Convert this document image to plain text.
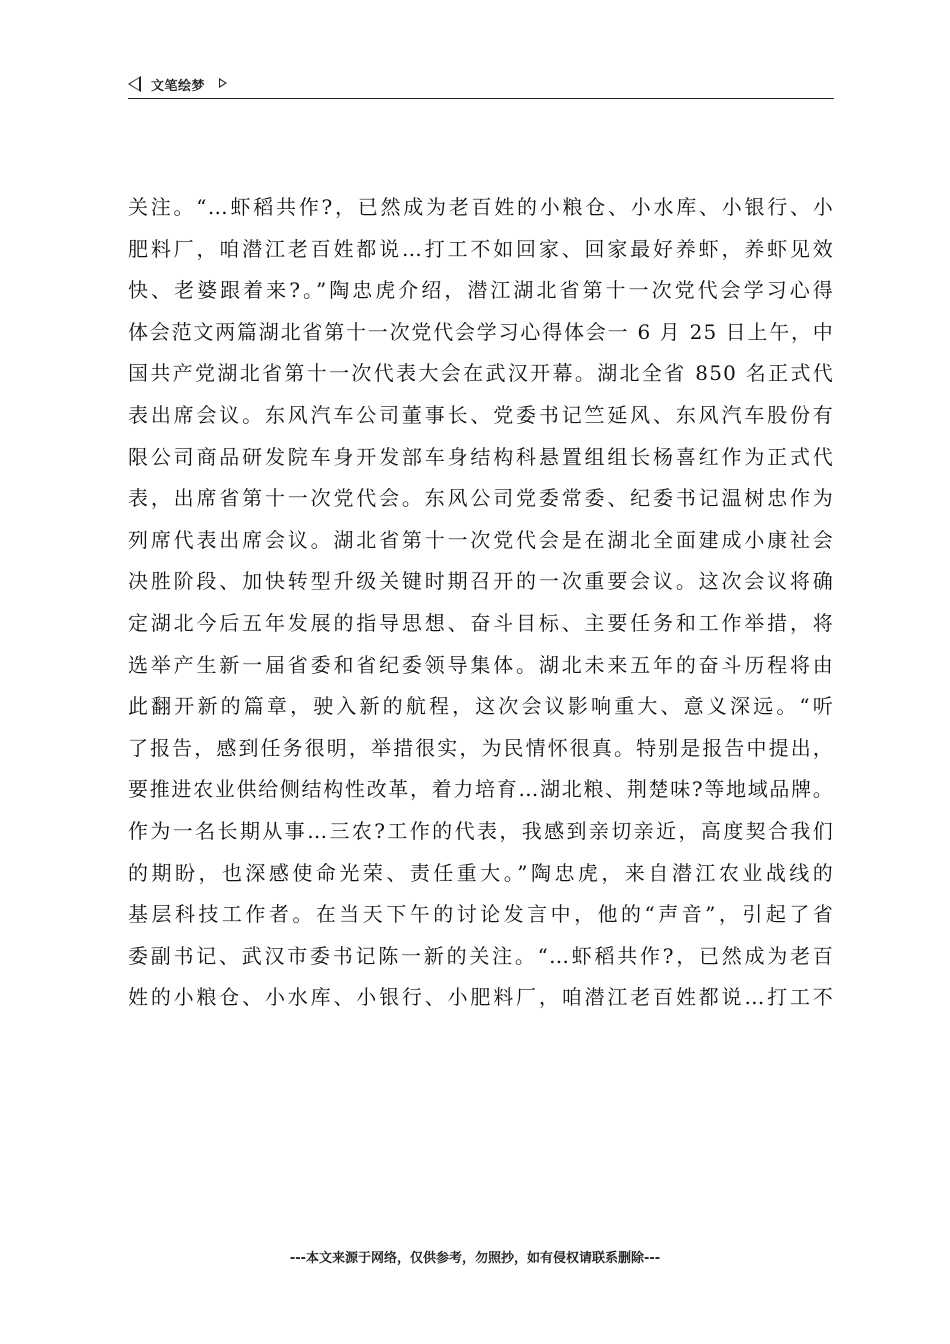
文笔绘梦
关注。“…虾稻共作?，已然成为老百姓的小粮仓、小水库、小银行、小
肥料厂，咱潜江老百姓都说…打工不如回家、回家最好养虾，养虾见效
快、老婆跟着来?。”陶忠虎介绍，潜江湖北省第十一次党代会学习心得
体会范文两篇湖北省第十一次党代会学习心得体会一 6 月 25 日上午，中
国共产党湖北省第十一次代表大会在武汉开幕。湖北全省 850 名正式代
表出席会议。东风汽车公司董事长、党委书记竺延风、东风汽车股份有
限公司商品研发院车身开发部车身结构科悬置组组长杨喜红作为正式代
表，出席省第十一次党代会。东风公司党委常委、纪委书记温树忠作为
列席代表出席会议。湖北省第十一次党代会是在湖北全面建成小康社会
决胜阶段、加快转型升级关键时期召开的一次重要会议。这次会议将确
定湖北今后五年发展的指导思想、奋斗目标、主要任务和工作举措，将
选举产生新一届省委和省纪委领导集体。湖北未来五年的奋斗历程将由
此翻开新的篇章，驶入新的航程，这次会议影响重大、意义深远。“听
了报告，感到任务很明，举措很实，为民情怀很真。特别是报告中提出，
要推进农业供给侧结构性改革，着力培育…湖北粮、荆楚味?等地域品牌。
作为一名长期从事…三农?工作的代表，我感到亲切亲近，高度契合我们
的期盼，也深感使命光荣、责任重大。”陶忠虎，来自潜江农业战线的
基层科技工作者。在当天下午的讨论发言中，他的“声音”，引起了省
委副书记、武汉市委书记陈一新的关注。“…虾稻共作?，已然成为老百
姓的小粮仓、小水库、小银行、小肥料厂，咱潜江老百姓都说…打工不
---本文来源于网络，仅供参考，勿照抄，如有侵权请联系删除---
